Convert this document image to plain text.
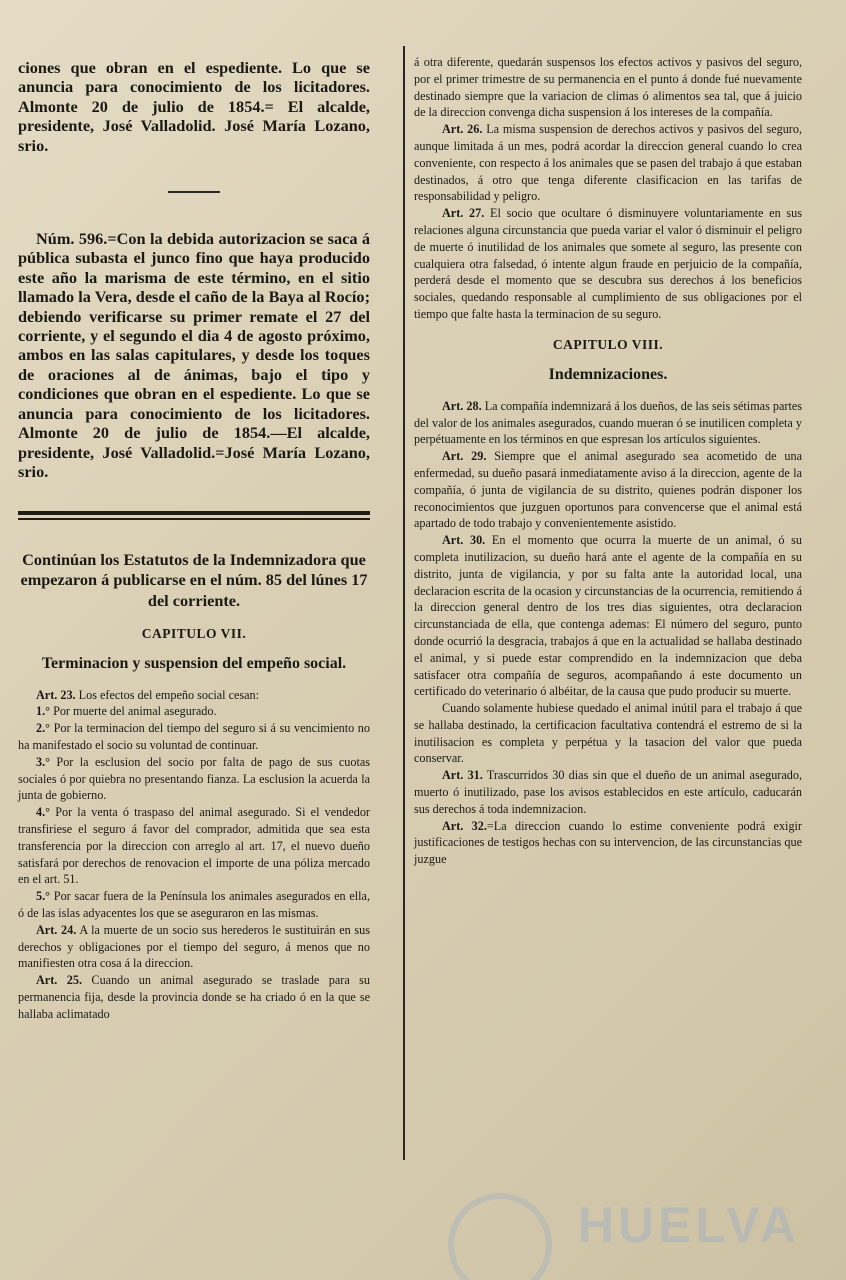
ciones que obran en el espediente. Lo que se anuncia para conocimiento de los licitadores. Almonte 20 de julio de 1854.= El alcalde, presidente, José Valladolid. José María Lozano, srio.

Núm. 596.=Con la debida autorizacion se saca á pública subasta el junco fino que haya producido este año la marisma de este término, en el sitio llamado la Vera, desde el caño de la Baya al Rocío; debiendo verificarse su primer remate el 27 del corriente, y el segundo el dia 4 de agosto próximo, ambos en las salas capitulares, y desde los toques de oraciones al de ánimas, bajo el tipo y condiciones que obran en el espediente. Lo que se anuncia para conocimiento de los licitadores. Almonte 20 de julio de 1854.—El alcalde, presidente, José Valladolid.=José María Lozano, srio.

Continúan los Estatutos de la Indemnizadora que empezaron á publicarse en el núm. 85 del lúnes 17 del corriente.

CAPITULO VII.

Terminacion y suspension del empeño social.

Art. 23. Los efectos del empeño social cesan:

1.° Por muerte del animal asegurado.

2.° Por la terminacion del tiempo del seguro si á su vencimiento no ha manifestado el socio su voluntad de continuar.

3.° Por la esclusion del socio por falta de pago de sus cuotas sociales ó por quiebra no presentando fianza. La esclusion la acuerda la junta de gobierno.

4.° Por la venta ó traspaso del animal asegurado. Si el vendedor transfiriese el seguro á favor del comprador, admitida que sea esta transferencia por la direccion con arreglo al art. 17, el nuevo dueño satisfará por derechos de renovacion el importe de una póliza mercado en el art. 51.

5.° Por sacar fuera de la Península los animales asegurados en ella, ó de las islas adyacentes los que se aseguraron en las mismas.

Art. 24. A la muerte de un socio sus herederos le sustituirán en sus derechos y obligaciones por el tiempo del seguro, á menos que no manifiesten otra cosa á la direccion.

Art. 25. Cuando un animal asegurado se traslade para su permanencia fija, desde la provincia donde se ha criado ó en la que se hallaba aclimatado

á otra diferente, quedarán suspensos los efectos activos y pasivos del seguro, por el primer trimestre de su permanencia en el punto á donde fué nuevamente destinado siempre que la variacion de climas ó alimentos sea tal, que á juicio de la direccion convenga dicha suspension á los intereses de la compañía.

Art. 26. La misma suspension de derechos activos y pasivos del seguro, aunque limitada á un mes, podrá acordar la direccion general cuando lo crea conveniente, con respecto á los animales que se pasen del trabajo á que estaban destinados, á otro que tenga diferente clasificacion en las tarifas de responsabilidad y peligro.

Art. 27. El socio que ocultare ó disminuyere voluntariamente en sus relaciones alguna circunstancia que pueda variar el valor ó disminuir el peligro de muerte ó inutilidad de los animales que somete al seguro, las presente con cualquiera otra falsedad, ó intente algun fraude en perjuicio de la compañía, perderá desde el momento que se descubra sus derechos á los beneficios sociales, quedando responsable al cumplimiento de sus obligaciones por el tiempo que falte hasta la terminacion de su seguro.

CAPITULO VIII.

Indemnizaciones.

Art. 28. La compañía indemnizará á los dueños, de las seis sétimas partes del valor de los animales asegurados, cuando mueran ó se inutilicen completa y perpétuamente en los términos en que espresan los artículos siguientes.

Art. 29. Siempre que el animal asegurado sea acometido de una enfermedad, su dueño pasará inmediatamente aviso á la direccion, agente de la compañía, ó junta de vigilancia de su distrito, quienes podrán disponer los reconocimientos que juzguen oportunos para convencerse que el animal está apartado de todo trabajo y convenientemente asistido.

Art. 30. En el momento que ocurra la muerte de un animal, ó su completa inutilizacion, su dueño hará ante el agente de la compañía en su distrito, junta de vigilancia, y por su falta ante la autoridad local, una declaracion escrita de la ocasion y circunstancias de la ocurrencia, remitiendo á la direccion general dentro de los tres dias siguientes, otra declaracion circunstanciada de ella, que contenga ademas: El número del seguro, punto donde ocurrió la desgracia, trabajos á que en la actualidad se hallaba destinado el animal, y si puede estar comprendido en la indemnizacion que deba satisfacer otra compañía de seguros, acompañando á este documento un certificado do veterinario ó albéitar, de la causa que pudo producir su muerte.

Cuando solamente hubiese quedado el animal inútil para el trabajo á que se hallaba destinado, la certificacion facultativa contendrá el estremo de si la inutilisacion es completa y perpétua y la tasacion del valor que pueda conservar.

Art. 31. Trascurridos 30 dias sin que el dueño de un animal asegurado, muerto ó inutilizado, pase los avisos establecidos en este artículo, caducarán sus derechos á toda indemnizacion.

Art. 32.=La direccion cuando lo estime conveniente podrá exigir justificaciones de testigos hechas con su intervencion, de las circunstancias que juzgue

HUELVA
